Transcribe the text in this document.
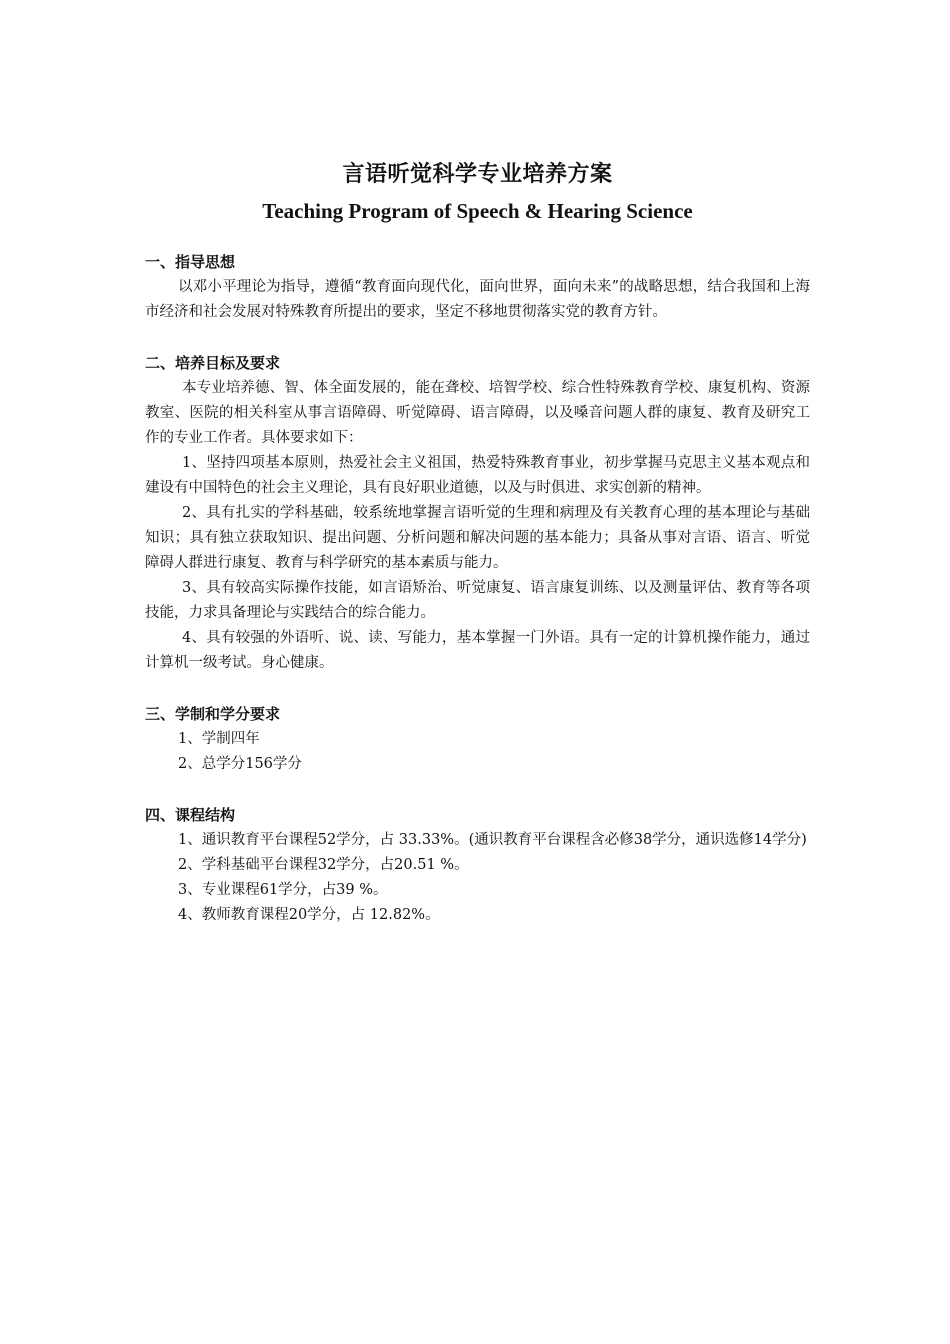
言语听觉科学专业培养方案
Teaching Program of Speech & Hearing Science

一、指导思想

以邓小平理论为指导，遵循“教育面向现代化，面向世界，面向未来”的战略思想，结合我国和上海市经济和社会发展对特殊教育所提出的要求，坚定不移地贯彻落实党的教育方针。

二、培养目标及要求

本专业培养德、智、体全面发展的，能在聋校、培智学校、综合性特殊教育学校、康复机构、资源教室、医院的相关科室从事言语障碍、听觉障碍、语言障碍，以及嗓音问题人群的康复、教育及研究工作的专业工作者。具体要求如下：

1、坚持四项基本原则，热爱社会主义祖国，热爱特殊教育事业，初步掌握马克思主义基本观点和建设有中国特色的社会主义理论，具有良好职业道德，以及与时俱进、求实创新的精神。

2、具有扎实的学科基础，较系统地掌握言语听觉的生理和病理及有关教育心理的基本理论与基础知识；具有独立获取知识、提出问题、分析问题和解决问题的基本能力；具备从事对言语、语言、听觉障碍人群进行康复、教育与科学研究的基本素质与能力。

3、具有较高实际操作技能，如言语矫治、听觉康复、语言康复训练、以及测量评估、教育等各项技能，力求具备理论与实践结合的综合能力。

4、具有较强的外语听、说、读、写能力，基本掌握一门外语。具有一定的计算机操作能力，通过计算机一级考试。身心健康。

三、学制和学分要求

1、学制四年

2、总学分156学分

四、课程结构

1、通识教育平台课程52学分，占 33.33%。(通识教育平台课程含必修38学分，通识选修14学分)

2、学科基础平台课程32学分，占20.51 %。

3、专业课程61学分，占39 %。

4、教师教育课程20学分，占 12.82%。
